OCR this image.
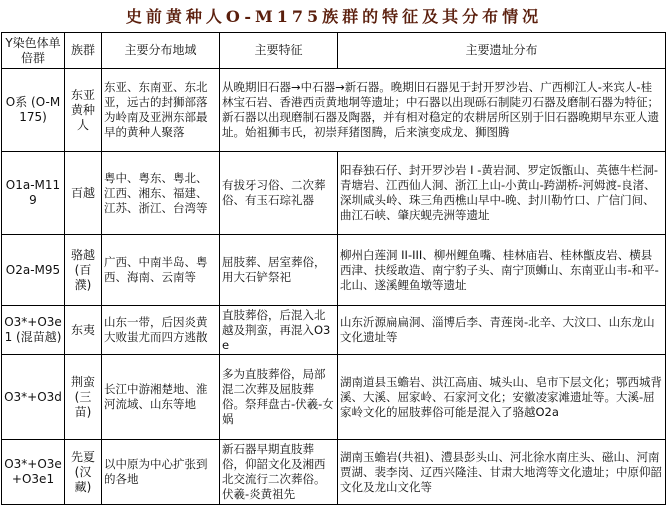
史前黄种人O-M175族群的特征及其分布情况
Y染色体单倍群	族群	主要分布地域	主要特征	主要遗址分布
O系 (O-M175)	东亚黄种人	东亚、东南亚、东北亚，远古的封狮部落为岭南及亚洲东部最早的黄种人聚落	从晚期旧石器→中石器→新石器。晚期旧石器见于封开罗沙岩、广西柳江人-来宾人-桂林宝石岩、香港西贡黄地垌等遗址；中石器以出现砾石制陡刃石器及磨制石器为特征；新石器以出现磨制石器及陶器，并有相对稳定的农耕居所区别于旧石器晚期早东亚人遗址。始祖狮韦氏，初崇拜猪图腾，后来演变成龙、狮图腾	
O1a-M119	百越	粤中、粤东、粤北、江西、湘东、福建、江苏、浙江、台湾等	有拔牙习俗、二次葬俗、有玉石琮礼器	阳春独石仔、封开罗沙岩 I -黄岩洞、罗定饭甑山、英德牛栏洞-青塘岩、江西仙人洞、浙江上山-小黄山-跨湖桥-河姆渡-良渚、深圳咸头岭、珠三角西樵山早中-晚、封川勒竹口、广信门间、曲江石峡、肇庆蚬壳洲等遗址
O2a-M95	骆越(百濮)	广西、中南半岛、粤西、海南、云南等	屈肢葬、居室葬俗，用大石铲祭祀	柳州白莲洞 II-III、柳州鲤鱼嘴、桂林庙岩、桂林甑皮岩、横县西津、扶绥敢造、南宁豹子头、南宁顶蛳山、东南亚山韦-和平-北山、遂溪鲤鱼墩等遗址
O3*+O3e1 (混苗越)	东夷	山东一带，后因炎黄大败蚩尤而四方逃散	直肢葬俗，后混入北越及荆蛮，再混入O3e	山东沂源扁扁洞、淄博后李、青莲岗-北辛、大汶口、山东龙山文化遗址等
O3*+O3d	荆蛮(三苗)	长江中游湘楚地、淮河流域、山东等地	多为直肢葬俗，局部混二次葬及屈肢葬俗。祭拜盘古-伏羲-女娲	湖南道县玉蟾岩、洪江高庙、城头山、皂市下层文化；鄂西城背溪、大溪、屈家岭、石家河文化；安徽凌家滩遗址等。大溪-屈家岭文化的屈肢葬俗可能是混入了骆越O2a
O3*+O3e +O3e1	先夏(汉藏)	以中原为中心扩张到的各地	新石器早期直肢葬俗，仰韶文化及湘西北交流行二次葬俗。伏羲-炎黄祖先	湖南玉蟾岩(共祖)、澧县彭头山、河北徐水南庄头、磁山、河南贾湖、裴李岗、辽西兴隆洼、甘肃大地湾等文化遗址；中原仰韶文化及龙山文化等
